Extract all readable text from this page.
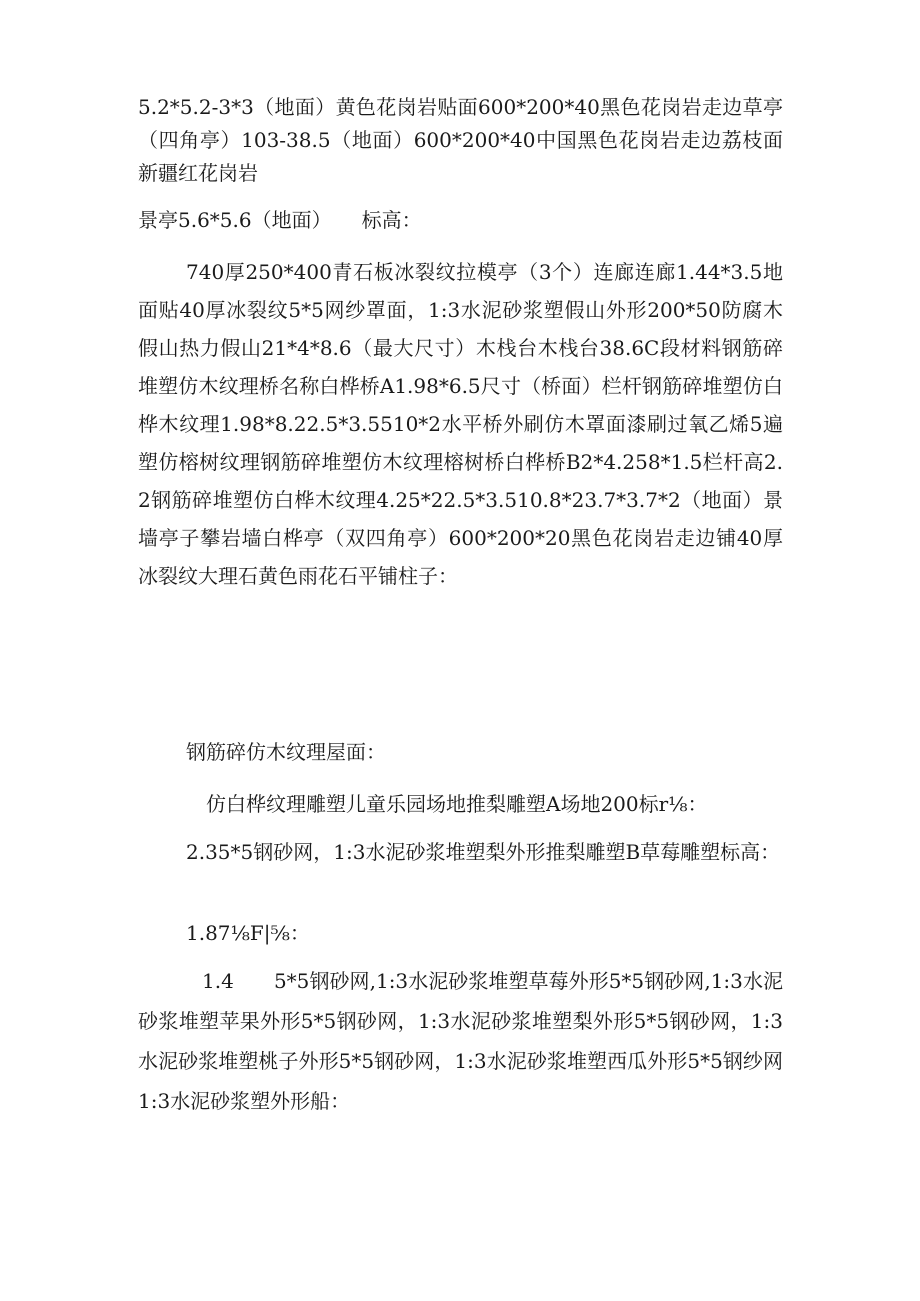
5.2*5.2-3*3（地面）黄色花岗岩贴面600*200*40黑色花岗岩走边草亭（四角亭）103-38.5（地面）600*200*40中国黑色花岗岩走边荔枝面新疆红花岗岩

景亭5.6*5.6（地面）　　标高：

740厚250*400青石板冰裂纹拉模亭（3个）连廊连廊1.44*3.5地面贴40厚冰裂纹5*5网纱罩面，1:3水泥砂浆塑假山外形200*50防腐木假山热力假山21*4*8.6（最大尺寸）木栈台木栈台38.6C段材料钢筋碎堆塑仿木纹理桥名称白桦桥A1.98*6.5尺寸（桥面）栏杆钢筋碎堆塑仿白桦木纹理1.98*8.22.5*3.5510*2水平桥外刷仿木罩面漆刷过氧乙烯5遍塑仿榕树纹理钢筋碎堆塑仿木纹理榕树桥白桦桥B2*4.258*1.5栏杆高2.2钢筋碎堆塑仿白桦木纹理4.25*22.5*3.510.8*23.7*3.7*2（地面）景墙亭子攀岩墙白桦亭（双四角亭）600*200*20黑色花岗岩走边铺40厚冰裂纹大理石黄色雨花石平铺柱子：

钢筋碎仿木纹理屋面：

仿白桦纹理雕塑儿童乐园场地推梨雕塑A场地200标r⅛：

2.35*5钢砂网，1:3水泥砂浆堆塑梨外形推梨雕塑B草莓雕塑标高：

1.87⅛F|⅝：

1.4　　5*5钢砂网,1:3水泥砂浆堆塑草莓外形5*5钢砂网,1:3水泥砂浆堆塑苹果外形5*5钢砂网，1:3水泥砂浆堆塑梨外形5*5钢砂网，1:3水泥砂浆堆塑桃子外形5*5钢砂网，1:3水泥砂浆堆塑西瓜外形5*5钢纱网1:3水泥砂浆塑外形船：
